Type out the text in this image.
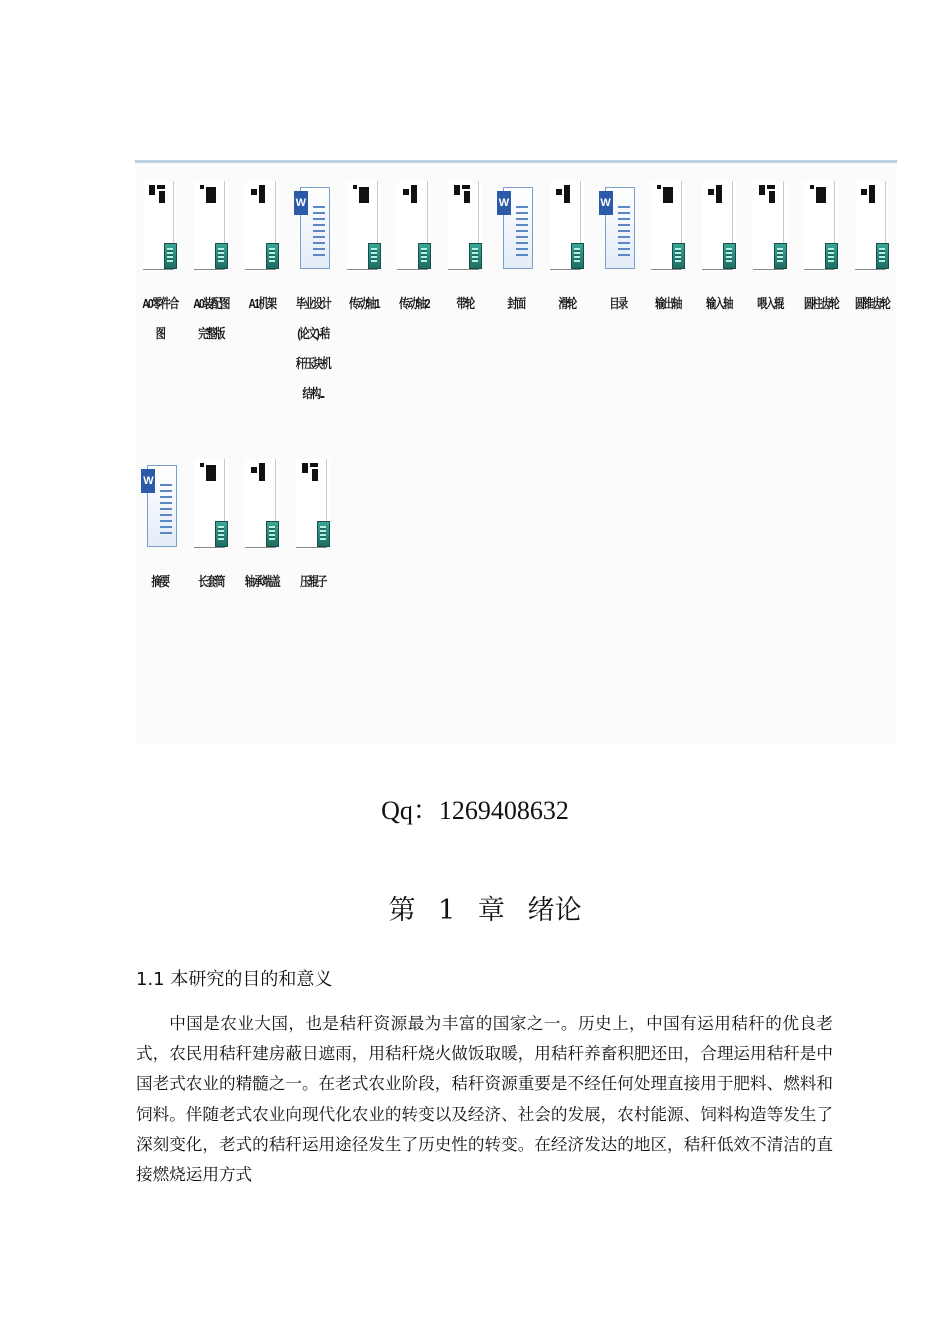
A0零件合图
A0装配图完整版
A1机架
W
毕业设计(论文)-秸秆压块机结构...
传动轴1 传动轴2	带轮
W
封面	滑轮
W
目录	输出轴	输入轴	喂入辊	圆柱齿轮 圆锥齿轮
W
摘要	长套筒	轴承端盖	压辊子
Qq：1269408632
第 1 章 绪论
1.1 本研究的目的和意义

中国是农业大国，也是秸秆资源最为丰富的国家之一。历史上，中国有运用秸秆的优良老式，农民用秸秆建房蔽日遮雨，用秸秆烧火做饭取暖，用秸秆养畜积肥还田，合理运用秸秆是中国老式农业的精髓之一。在老式农业阶段，秸秆资源重要是不经任何处理直接用于肥料、燃料和饲料。伴随老式农业向现代化农业的转变以及经济、社会的发展，农村能源、饲料构造等发生了深刻变化，老式的秸秆运用途径发生了历史性的转变。在经济发达的地区，秸秆低效不清洁的直接燃烧运用方式
